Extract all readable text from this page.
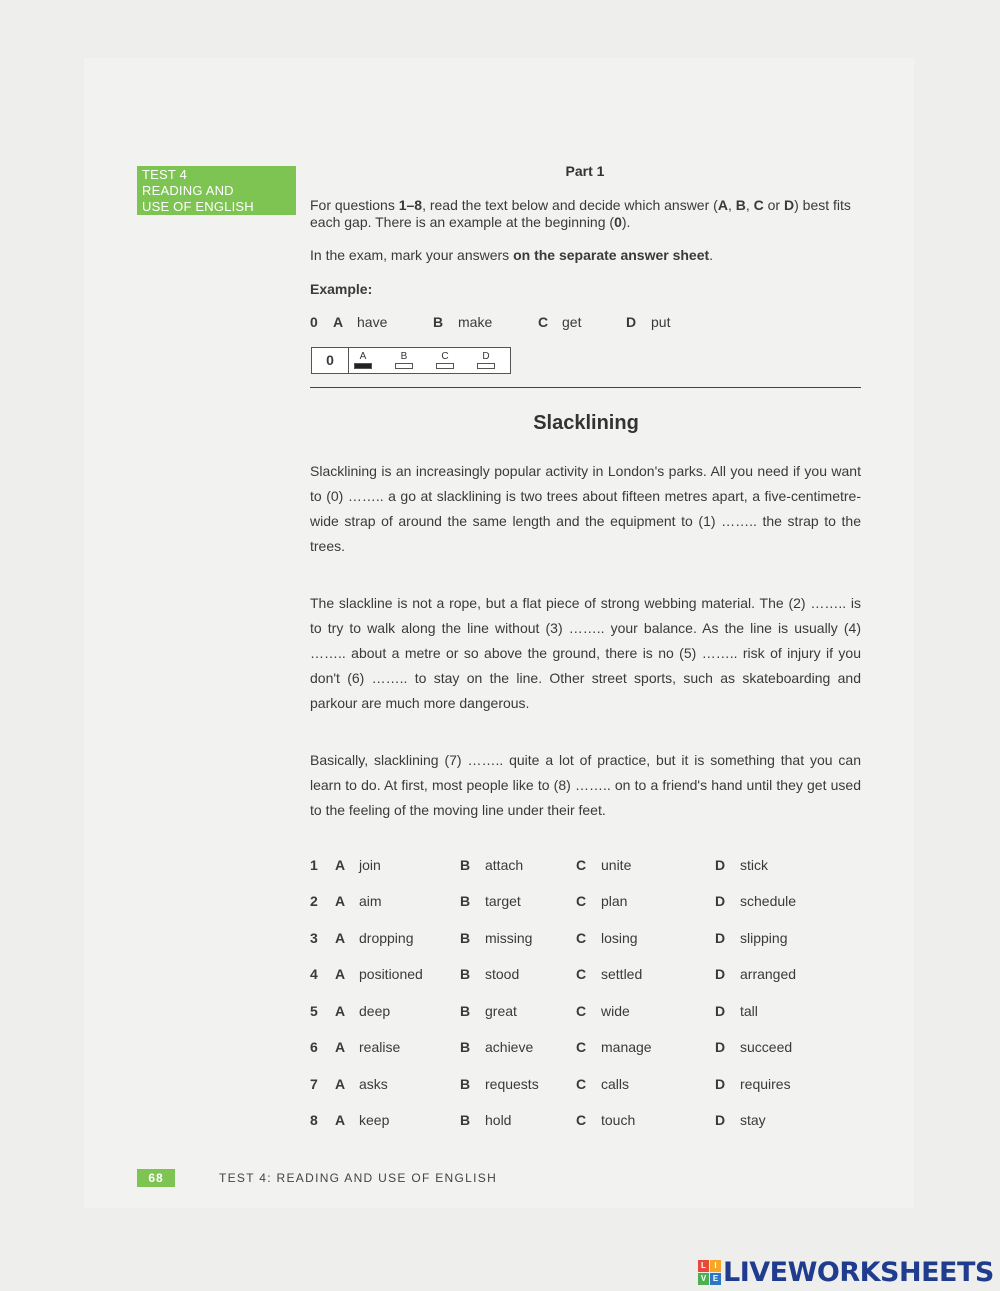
TEST 4
READING AND
USE OF ENGLISH
Part 1
For questions 1–8, read the text below and decide which answer (A, B, C or D) best fits each gap. There is an example at the beginning (0).
In the exam, mark your answers on the separate answer sheet.
Example:
0 A have	B make	C get	D put
0	A	B	C	D
Slacklining
Slacklining is an increasingly popular activity in London's parks. All you need if you want to (0) …….. a go at slacklining is two trees about fifteen metres apart, a five-centimetre-wide strap of around the same length and the equipment to (1) …….. the strap to the trees.
The slackline is not a rope, but a flat piece of strong webbing material. The (2) …….. is to try to walk along the line without (3) …….. your balance. As the line is usually (4) …….. about a metre or so above the ground, there is no (5) …….. risk of injury if you don't (6) …….. to stay on the line. Other street sports, such as skateboarding and parkour are much more dangerous.
Basically, slacklining (7) …….. quite a lot of practice, but it is something that you can learn to do. At first, most people like to (8) …….. on to a friend's hand until they get used to the feeling of the moving line under their feet.
1 A join	B attach	C unite	D stick
2 A aim	B target	C plan	D schedule
3 A dropping	B missing	C losing	D slipping
4 A positioned	B stood	C settled	D arranged
5 A deep	B great	C wide	D tall
6 A realise	B achieve	C manage	D succeed
7 A asks	B requests	C calls	D requires
8 A keep	B hold	C touch	D stay
68	TEST 4: READING AND USE OF ENGLISH
L	I
V E LIVEWORKSHEETS
